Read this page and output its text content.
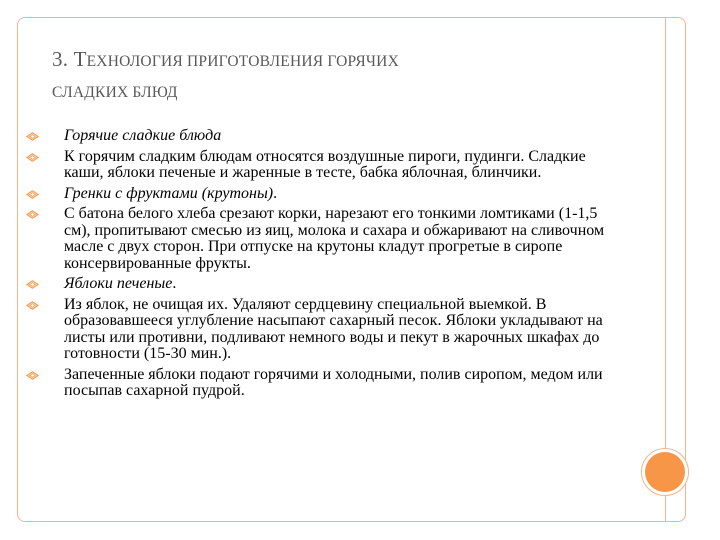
3. ТЕХНОЛОГИЯ ПРИГОТОВЛЕНИЯ ГОРЯЧИХ
СЛАДКИХ БЛЮД
Горячие сладкие блюда
К горячим сладким блюдам относятся воздушные пироги, пудинги. Сладкие каши, яблоки печеные и жаренные в тесте, бабка яблочная, блинчики.
Гренки с фруктами (крутоны).
С батона белого хлеба срезают корки, нарезают его тонкими ломтиками (1-1,5 см), пропитывают смесью из яиц, молока и сахара и обжаривают на сливочном масле с двух сторон. При отпуске на крутоны кладут прогретые в сиропе консервированные фрукты.
Яблоки печеные.
Из яблок, не очищая их. Удаляют сердцевину специальной выемкой. В образовавшееся углубление насыпают сахарный песок. Яблоки укладывают на листы или противни, подливают немного воды и пекут в жарочных шкафах до готовности (15-30 мин.).
Запеченные яблоки подают горячими и холодными, полив сиропом, медом или посыпав сахарной пудрой.
